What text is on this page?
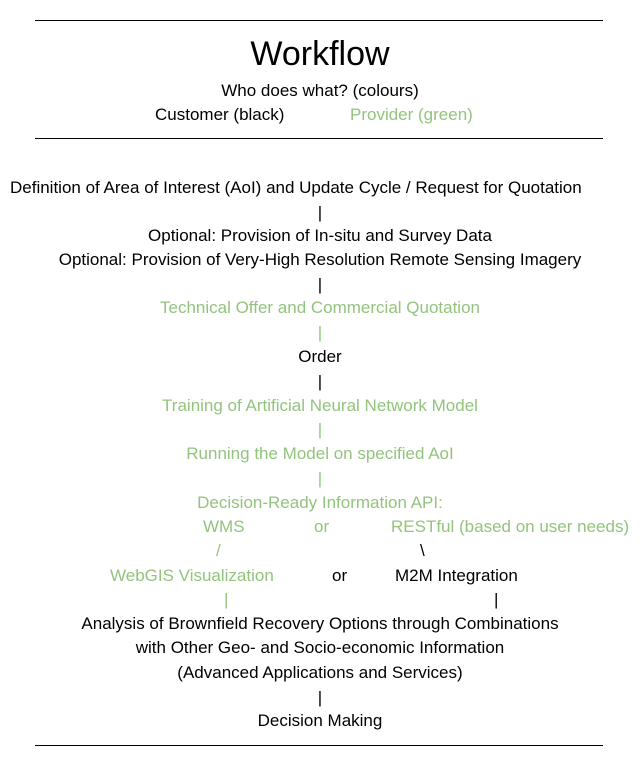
Workflow
Who does what? (colours)
Customer (black)	Provider (green)
Definition of Area of Interest (AoI) and Update Cycle / Request for Quotation
|
Optional: Provision of In-situ and Survey Data
Optional: Provision of Very-High Resolution Remote Sensing Imagery
|
Technical Offer and Commercial Quotation
|
Order
|
Training of Artificial Neural Network Model
|
Running the Model on specified AoI
|
Decision-Ready Information API:
WMS	or	RESTful (based on user needs)
/	\
WebGIS Visualization	or	M2M Integration
|	|
Analysis of Brownfield Recovery Options through Combinations
with Other Geo- and Socio-economic Information
(Advanced Applications and Services)
|
Decision Making
